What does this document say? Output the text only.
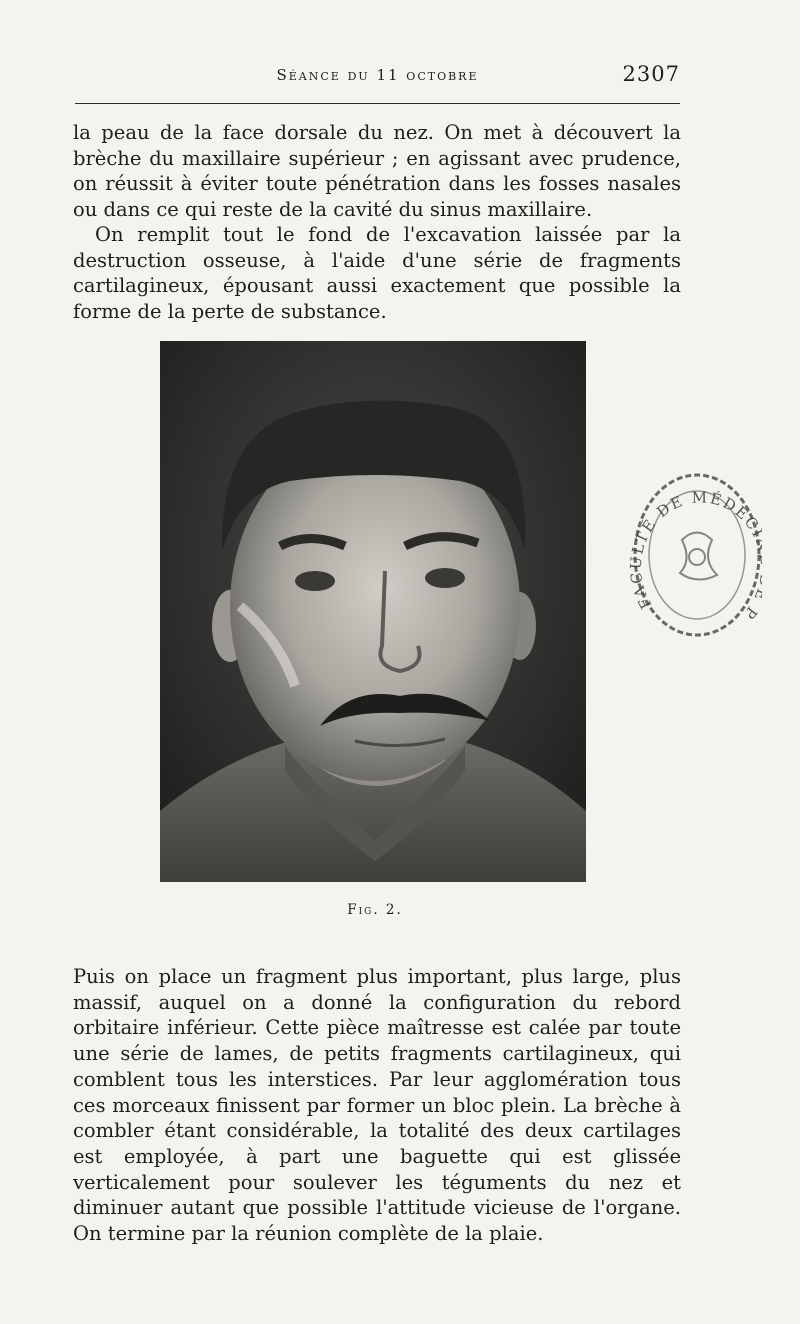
Séance du 11 octobre	2307

la peau de la face dorsale du nez. On met à découvert la brèche du maxillaire supérieur ; en agissant avec prudence, on réussit à éviter toute pénétration dans les fosses nasales ou dans ce qui reste de la cavité du sinus maxillaire.

On remplit tout le fond de l'excavation laissée par la destruction osseuse, à l'aide d'une série de fragments cartilagineux, épousant aussi exactement que possible la forme de la perte de substance.

Fig. 2.
FACULTÉ DE MÉDEC P

Puis on place un fragment plus important, plus large, plus massif, auquel on a donné la configuration du rebord orbitaire inférieur. Cette pièce maîtresse est calée par toute une série de lames, de petits fragments cartilagineux, qui comblent tous les interstices. Par leur agglomération tous ces morceaux finissent par former un bloc plein. La brèche à combler étant considérable, la totalité des deux cartilages est employée, à part une baguette qui est glissée verticalement pour soulever les téguments du nez et diminuer autant que possible l'attitude vicieuse de l'organe. On termine par la réunion complète de la plaie.
